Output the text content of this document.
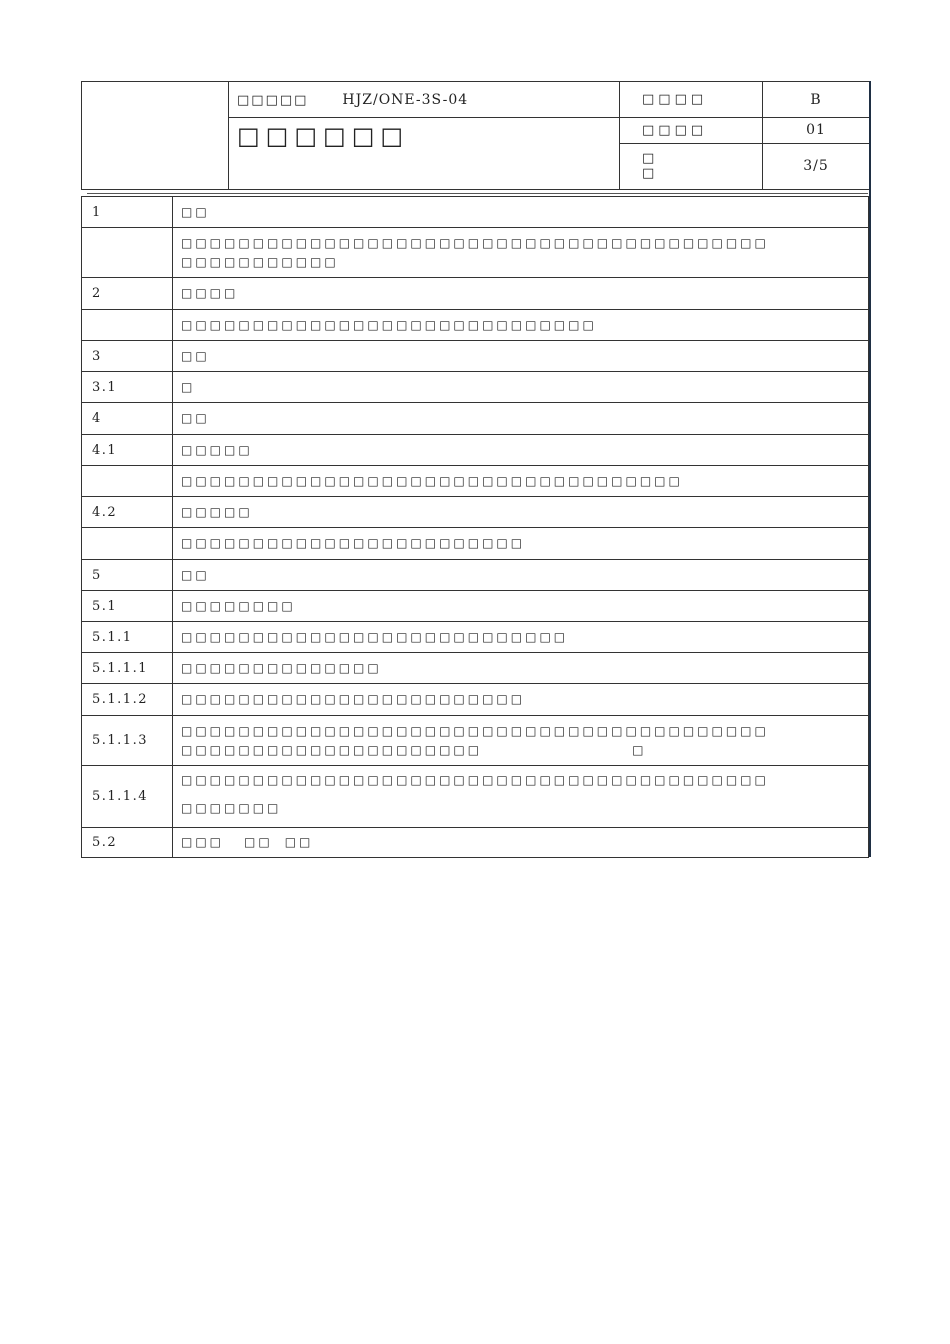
	□□□□□ HJZ/ONE-3S-04	□□□□	B
	□□□□□□	□□□□	01
		□□	3/5
1	□□

	□□□□□□□□□□□□□□□□□□□□□□□□□□□□□□□□□□□□□□□□□
□□□□□□□□□□□

2	□□□□

	□□□□□□□□□□□□□□□□□□□□□□□□□□□□□

3	□□

3.1	□

4	□□

4.1	□□□□□

	□□□□□□□□□□□□□□□□□□□□□□□□□□□□□□□□□□□

4.2	□□□□□

	□□□□□□□□□□□□□□□□□□□□□□□□

5	□□

5.1	□□□□□□□□

5.1.1	□□□□□□□□□□□□□□□□□□□□□□□□□□□

5.1.1.1	□□□□□□□□□□□□□□

5.1.1.2	□□□□□□□□□□□□□□□□□□□□□□□□

5.1.1.3	□□□□□□□□□□□□□□□□□□□□□□□□□□□□□□□□□□□□□□□□□
□□□□□□□□□□□□□□□□□□□□□ □

5.1.1.4	□□□□□□□□□□□□□□□□□□□□□□□□□□□□□□□□□□□□□□□□□
□□□□□□□

5.2	□□□ □□ □□
